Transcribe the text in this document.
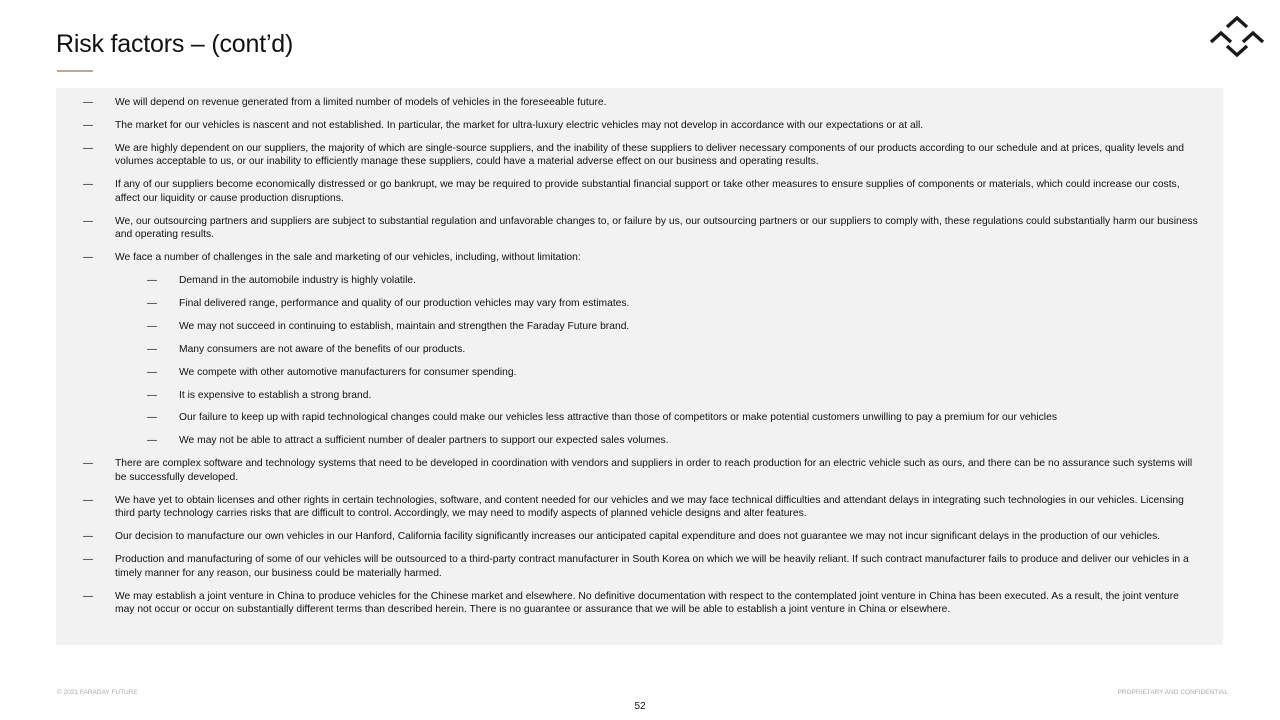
Risk factors – (cont’d)
— We will depend on revenue generated from a limited number of models of vehicles in the foreseeable future.
— The market for our vehicles is nascent and not established. In particular, the market for ultra-luxury electric vehicles may not develop in accordance with our expectations or at all.
— We are highly dependent on our suppliers, the majority of which are single-source suppliers, and the inability of these suppliers to deliver necessary components of our products according to our schedule and at prices, quality levels and volumes acceptable to us, or our inability to efficiently manage these suppliers, could have a material adverse effect on our business and operating results.
— If any of our suppliers become economically distressed or go bankrupt, we may be required to provide substantial financial support or take other measures to ensure supplies of components or materials, which could increase our costs, affect our liquidity or cause production disruptions.
— We, our outsourcing partners and suppliers are subject to substantial regulation and unfavorable changes to, or failure by us, our outsourcing partners or our suppliers to comply with, these regulations could substantially harm our business and operating results.
— We face a number of challenges in the sale and marketing of our vehicles, including, without limitation:
— Demand in the automobile industry is highly volatile.
— Final delivered range, performance and quality of our production vehicles may vary from estimates.
— We may not succeed in continuing to establish, maintain and strengthen the Faraday Future brand.
— Many consumers are not aware of the benefits of our products.
— We compete with other automotive manufacturers for consumer spending.
— It is expensive to establish a strong brand.
— Our failure to keep up with rapid technological changes could make our vehicles less attractive than those of competitors or make potential customers unwilling to pay a premium for our vehicles
— We may not be able to attract a sufficient number of dealer partners to support our expected sales volumes.
— There are complex software and technology systems that need to be developed in coordination with vendors and suppliers in order to reach production for an electric vehicle such as ours, and there can be no assurance such systems will be successfully developed.
— We have yet to obtain licenses and other rights in certain technologies, software, and content needed for our vehicles and we may face technical difficulties and attendant delays in integrating such technologies in our vehicles. Licensing third party technology carries risks that are difficult to control. Accordingly, we may need to modify aspects of planned vehicle designs and alter features.
— Our decision to manufacture our own vehicles in our Hanford, California facility significantly increases our anticipated capital expenditure and does not guarantee we may not incur significant delays in the production of our vehicles.
— Production and manufacturing of some of our vehicles will be outsourced to a third-party contract manufacturer in South Korea on which we will be heavily reliant. If such contract manufacturer fails to produce and deliver our vehicles in a timely manner for any reason, our business could be materially harmed.
— We may establish a joint venture in China to produce vehicles for the Chinese market and elsewhere. No definitive documentation with respect to the contemplated joint venture in China has been executed. As a result, the joint venture may not occur or occur on substantially different terms than described herein. There is no guarantee or assurance that we will be able to establish a joint venture in China or elsewhere.
© 2021 FARADAY FUTURE	PROPRIETARY AND CONFIDENTIAL
52
